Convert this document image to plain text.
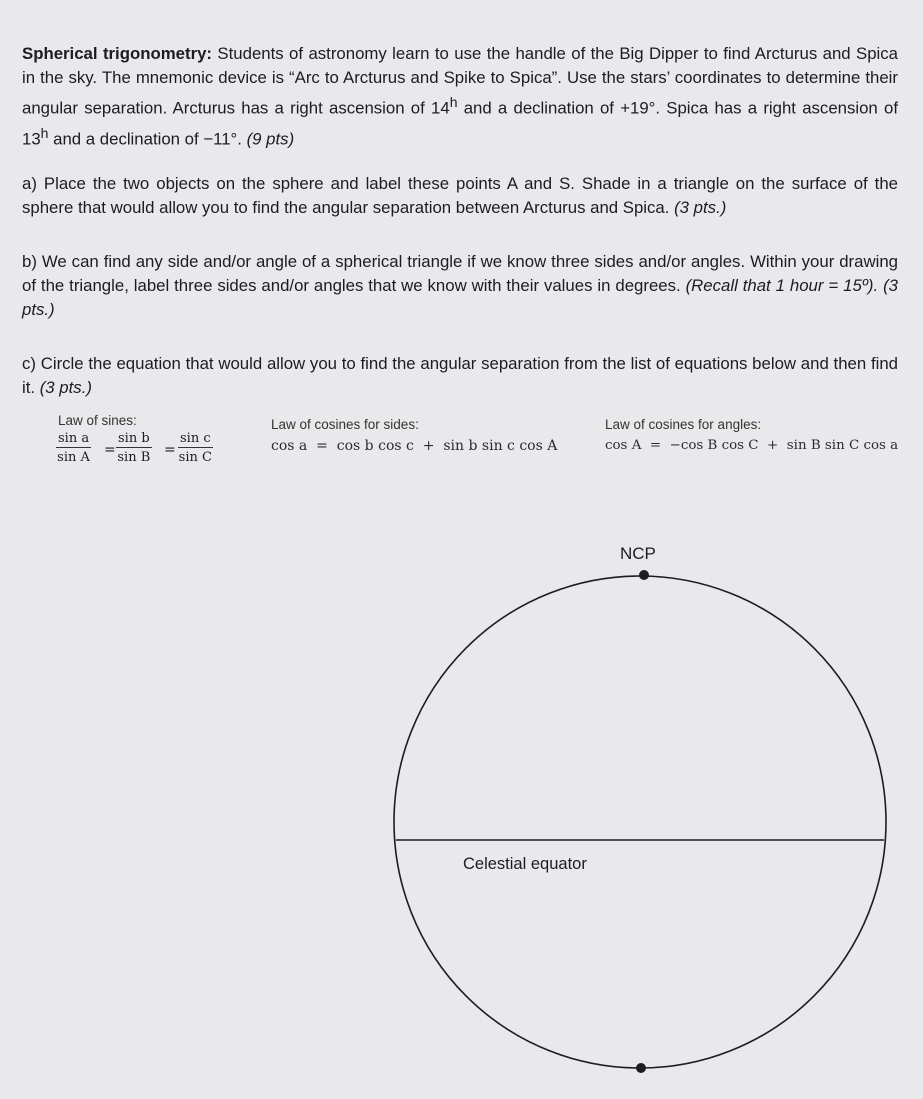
Spherical trigonometry: Students of astronomy learn to use the handle of the Big Dipper to find Arcturus and Spica in the sky. The mnemonic device is “Arc to Arcturus and Spike to Spica”. Use the stars’ coordinates to determine their angular separation. Arcturus has a right ascension of 14$^h$ and a declination of +19°. Spica has a right ascension of 13$^h$ and a declination of −11°. (9 pts)
a) Place the two objects on the sphere and label these points A and S. Shade in a triangle on the surface of the sphere that would allow you to find the angular separation between Arcturus and Spica. (3 pts.)
b) We can find any side and/or angle of a spherical triangle if we know three sides and/or angles. Within your drawing of the triangle, label three sides and/or angles that we know with their values in degrees. (Recall that 1 hour = 15º). (3 pts.)
c) Circle the equation that would allow you to find the angular separation from the list of equations below and then find it. (3 pts.)
Law of sines:
$\frac{\text{sin a}}{\text{sin A}} = \frac{\text{sin b}}{\text{sin B}} = \frac{\text{sin c}}{\text{sin C}}$
Law of cosines for sides:
cos a  =  cos b cos c  +  sin b sin c cos A
Law of cosines for angles:
cos A  =  −cos B cos C  +  sin B sin C cos a
NCP
Celestial equator
